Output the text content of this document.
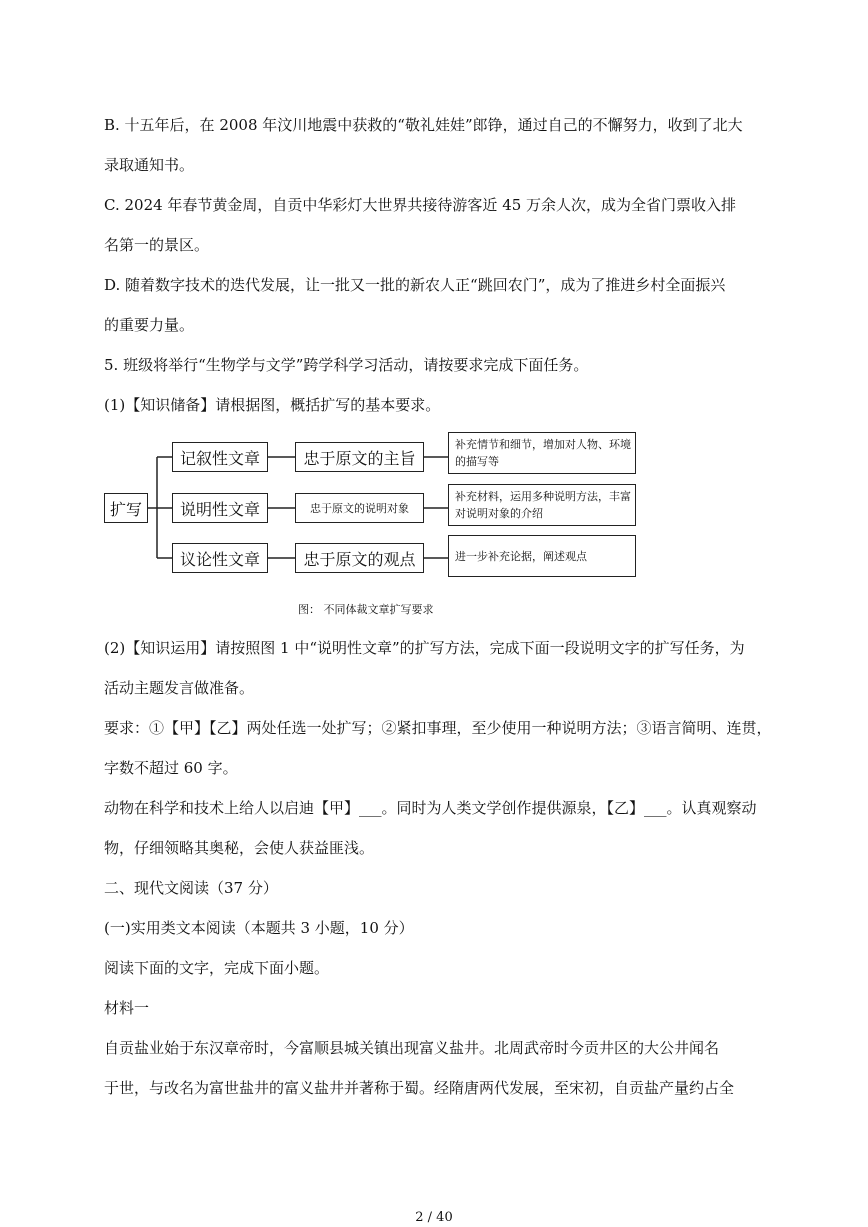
B. 十五年后，在 2008 年汶川地震中获救的“敬礼娃娃”郎铮，通过自己的不懈努力，收到了北大
录取通知书。
C. 2024 年春节黄金周，自贡中华彩灯大世界共接待游客近 45 万余人次，成为全省门票收入排
名第一的景区。
D. 随着数字技术的迭代发展，让一批又一批的新农人正“跳回农门”，成为了推进乡村全面振兴
的重要力量。
5. 班级将举行“生物学与文学”跨学科学习活动，请按要求完成下面任务。
(1)【知识储备】请根据图，概括扩写的基本要求。
扩写
记叙性文章
说明性文章
议论性文章
忠于原文的主旨
忠于原文的说明对象
忠于原文的观点
补充情节和细节，增加对人物、环境的描写等
补充材料，运用多种说明方法，丰富对说明对象的介绍
进一步补充论据，阐述观点
图： 不同体裁文章扩写要求
(2)【知识运用】请按照图 1 中“说明性文章”的扩写方法，完成下面一段说明文字的扩写任务，为
活动主题发言做准备。
要求：①【甲】【乙】两处任选一处扩写；②紧扣事理，至少使用一种说明方法；③语言简明、连贯，
字数不超过 60 字。
动物在科学和技术上给人以启迪【甲】___。同时为人类文学创作提供源泉，【乙】___。认真观察动
物，仔细领略其奥秘，会使人获益匪浅。
二、现代文阅读（37 分）
(一)实用类文本阅读（本题共 3 小题，10 分）
阅读下面的文字，完成下面小题。
材料一
自贡盐业始于东汉章帝时，今富顺县城关镇出现富义盐井。北周武帝时今贡井区的大公井闻名
于世，与改名为富世盐井的富义盐井并著称于蜀。经隋唐两代发展，至宋初，自贡盐产量约占全
2 / 40
